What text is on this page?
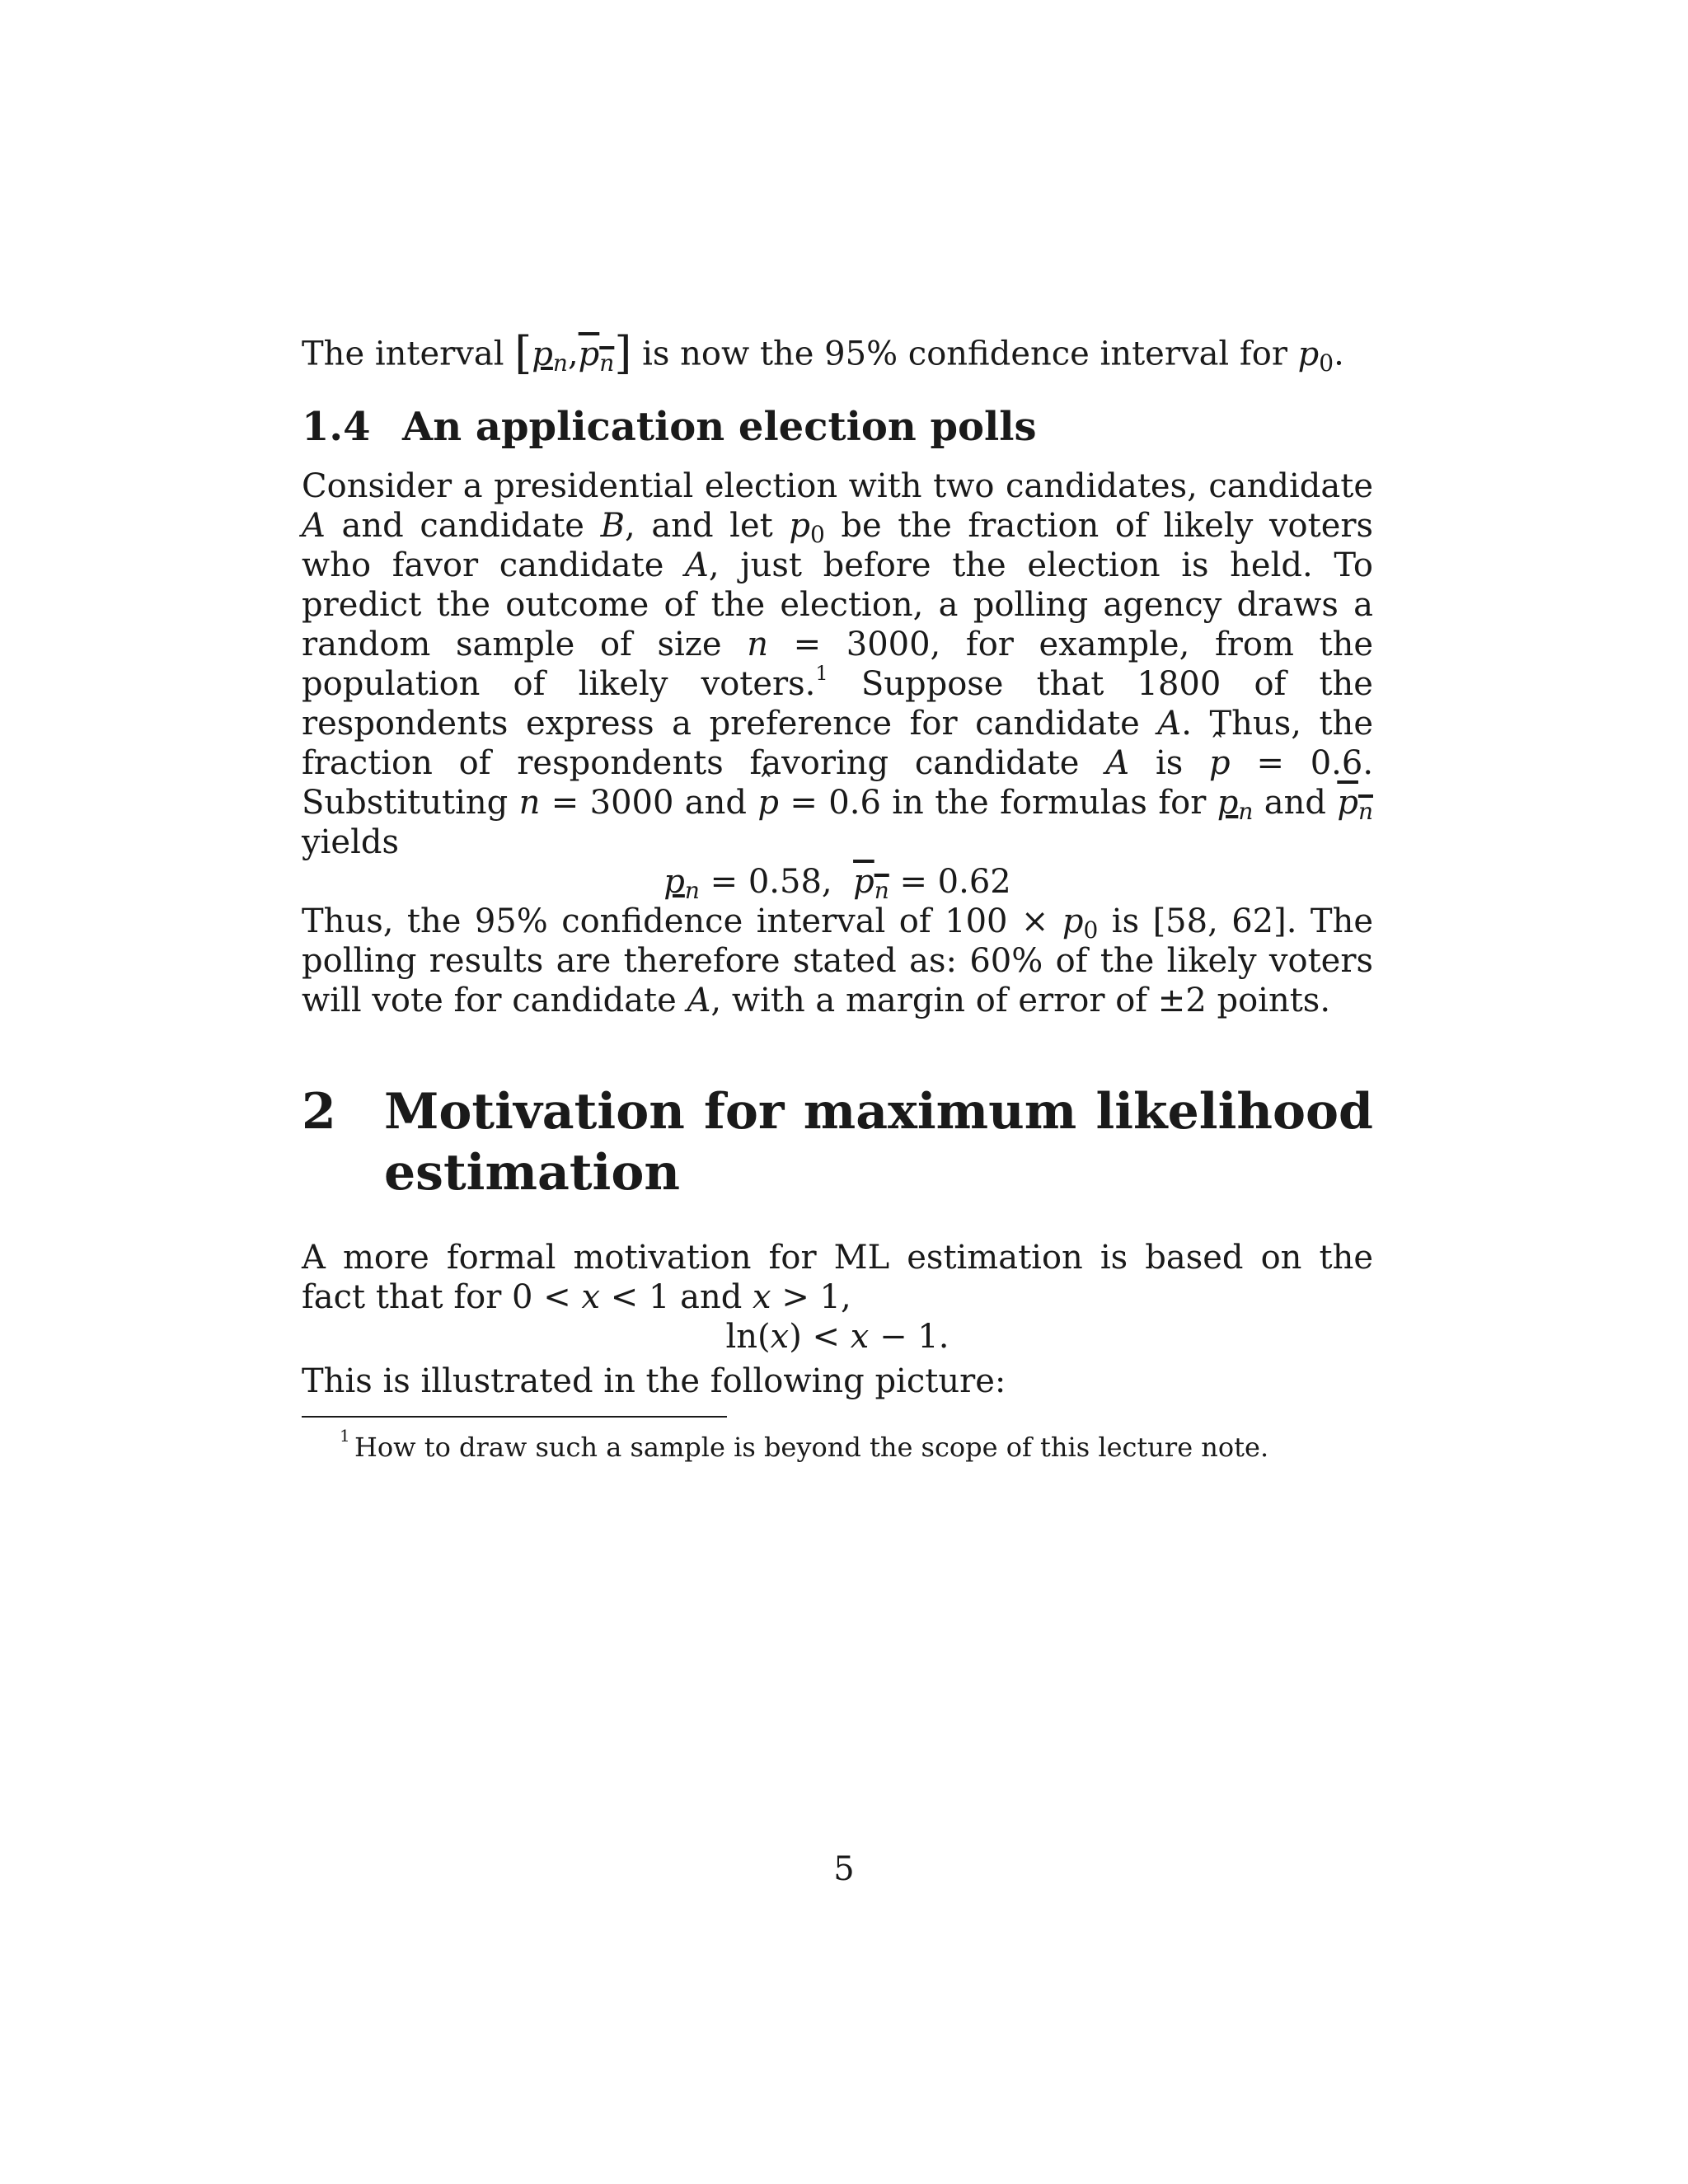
The interval $[p_n,p_n]$ is now the 95% confidence interval for $p_0$.

1.4 An application election polls

Consider a presidential election with two candidates, candidate A and candidate B, and let $p_0$ be the fraction of likely voters who favor candidate A, just before the election is held. To predict the outcome of the election, a polling agency draws a random sample of size n = 3000, for example, from the population of likely voters.$^1$ Suppose that 1800 of the respondents express a preference for candidate A. Thus, the fraction of respondents favoring candidate A is ˆ p = 0.6. Substituting n = 3000 and ˆ p = 0.6 in the formulas for $p_n$ and $p_n$ yields

$p_n = 0.58$, $p_n = 0.62$

Thus, the 95% confidence interval of $100 \times p_0$ is [58, 62]. The polling results are therefore stated as: 60% of the likely voters will vote for candidate A, with a margin of error of ±2 points.

2 Motivation for maximum likelihood estimation

A more formal motivation for ML estimation is based on the fact that for 0 < x < 1 and x > 1,

ln(x) < x − 1.

This is illustrated in the following picture:

1 How to draw such a sample is beyond the scope of this lecture note.
5
